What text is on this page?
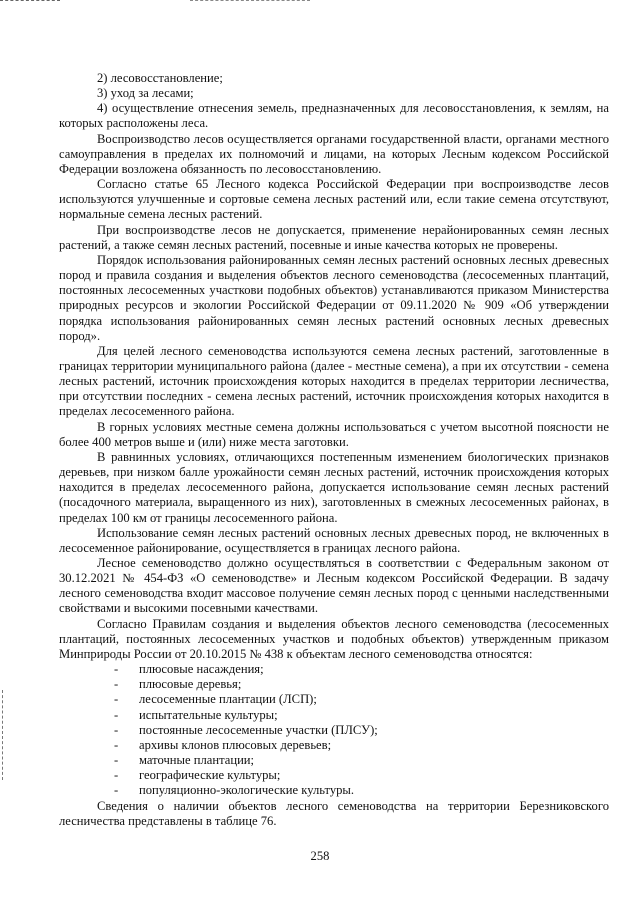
2) лесовосстановление;

3) уход за лесами;

4) осуществление отнесения земель, предназначенных для лесовосстановления, к землям, на которых расположены леса.

Воспроизводство лесов осуществляется органами государственной власти, органами местного самоуправления в пределах их полномочий и лицами, на которых Лесным кодексом Российской Федерации возложена обязанность по лесовосстановлению.

Согласно статье 65 Лесного кодекса Российской Федерации при воспроизводстве лесов используются улучшенные и сортовые семена лесных растений или, если такие семена отсутствуют, нормальные семена лесных растений.

При воспроизводстве лесов не допускается, применение нерайонированных семян лесных растений, а также семян лесных растений, посевные и иные качества которых не проверены.

Порядок использования районированных семян лесных растений основных лесных древесных пород и правила создания и выделения объектов лесного семеноводства (лесосеменных плантаций, постоянных лесосеменных участкови подобных объектов) устанавливаются приказом Министерства природных ресурсов и экологии Российской Федерации от 09.11.2020 № 909 «Об утверждении порядка использования районированных семян лесных растений основных лесных древесных пород».

Для целей лесного семеноводства используются семена лесных растений, заготовленные в границах территории муниципального района (далее - местные семена), а при их отсутствии - семена лесных растений, источник происхождения которых находится в пределах территории лесничества, при отсутствии последних - семена лесных растений, источник происхождения которых находится в пределах лесосеменного района.

В горных условиях местные семена должны использоваться с учетом высотной поясности не более 400 метров выше и (или) ниже места заготовки.

В равнинных условиях, отличающихся постепенным изменением биологических признаков деревьев, при низком балле урожайности семян лесных растений, источник происхождения которых находится в пределах лесосеменного района, допускается использование семян лесных растений (посадочного материала, выращенного из них), заготовленных в смежных лесосеменных районах, в пределах 100 км от границы лесосеменного района.

Использование семян лесных растений основных лесных древесных пород, не включенных в лесосеменное районирование, осуществляется в границах лесного района.

Лесное семеноводство должно осуществляться в соответствии с Федеральным законом от 30.12.2021 № 454-ФЗ «О семеноводстве» и Лесным кодексом Российской Федерации. В задачу лесного семеноводства входит массовое получение семян лесных пород с ценными наследственными свойствами и высокими посевными качествами.

Согласно Правилам создания и выделения объектов лесного семеноводства (лесосеменных плантаций, постоянных лесосеменных участков и подобных объектов) утвержденным приказом Минприроды России от 20.10.2015 № 438 к объектам лесного семеноводства относятся:

- плюсовые насаждения;
- плюсовые деревья;
- лесосеменные плантации (ЛСП);
- испытательные культуры;
- постоянные лесосеменные участки (ПЛСУ);
- архивы клонов плюсовых деревьев;
- маточные плантации;
- географические культуры;
- популяционно-экологические культуры.

Сведения о наличии объектов лесного семеноводства на территории Березниковского лесничества представлены в таблице 76.

258
